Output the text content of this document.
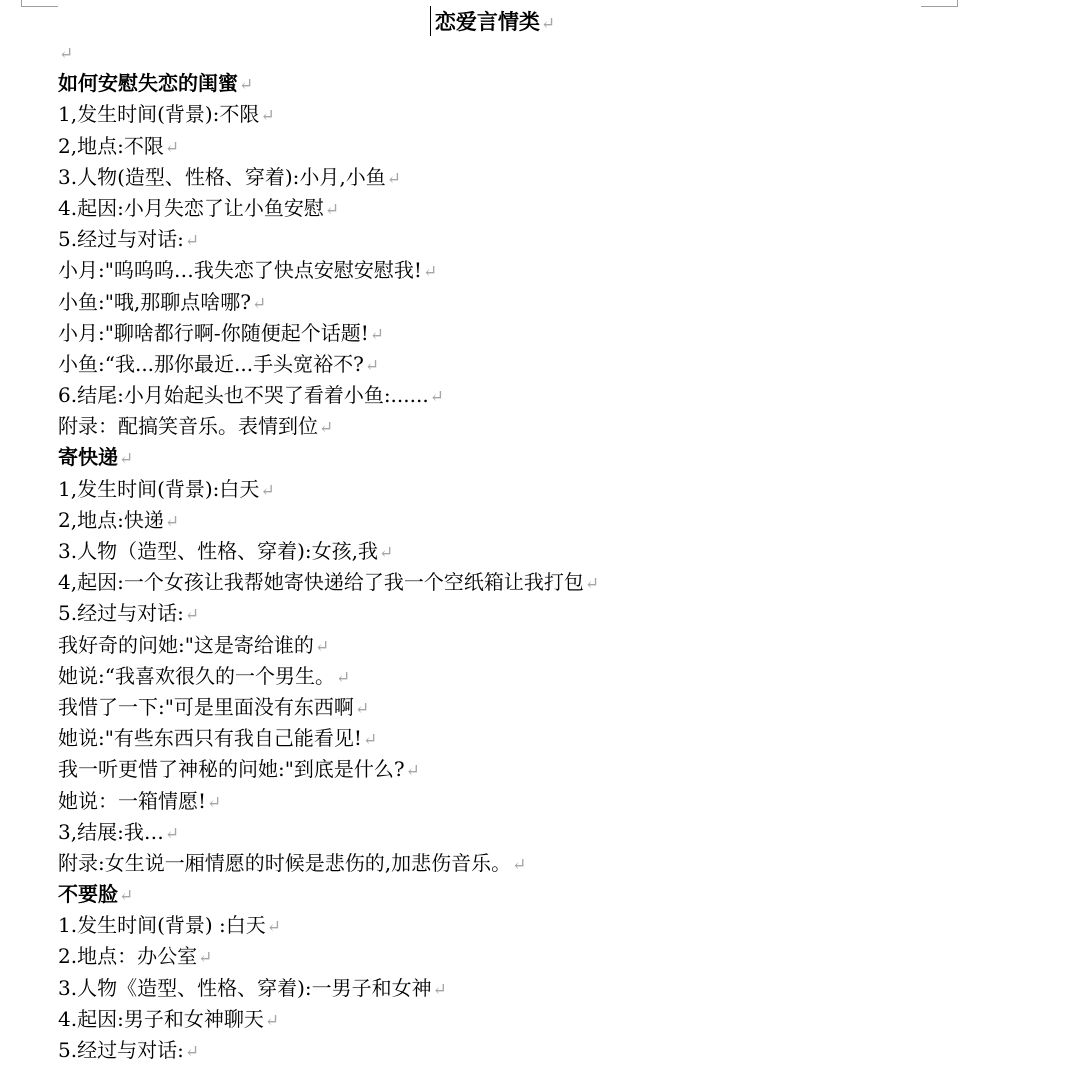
恋爱言情类↵
↵
如何安慰失恋的闺蜜↵
1,发生时间(背景):不限↵
2,地点:不限↵
3.人物(造型、性格、穿着):小月,小鱼↵
4.起因:小月失恋了让小鱼安慰↵
5.经过与对话:↵
小月:"呜呜呜…我失恋了快点安慰安慰我!↵
小鱼:"哦,那聊点啥哪?↵
小月:"聊啥都行啊-你随便起个话题!↵
小鱼:“我...那你最近...手头宽裕不?↵
6.结尾:小月始起头也不哭了看着小鱼:......↵
附录：配搞笑音乐。表情到位↵
寄快递↵
1,发生时间(背景):白天↵
2,地点:快递↵
3.人物（造型、性格、穿着):女孩,我↵
4,起因:一个女孩让我帮她寄快递给了我一个空纸箱让我打包↵
5.经过与对话:↵
我好奇的问她:"这是寄给谁的↵
她说:“我喜欢很久的一个男生。↵
我惜了一下:"可是里面没有东西啊↵
她说:"有些东西只有我自己能看见!↵
我一听更惜了神秘的问她:"到底是什么?↵
她说：一箱情愿!↵
3,结展:我…↵
附录:女生说一厢情愿的时候是悲伤的,加悲伤音乐。↵
不要脸↵
1.发生时间(背景) :白天↵
2.地点：办公室↵
3.人物《造型、性格、穿着):一男子和女神↵
4.起因:男子和女神聊天↵
5.经过与对话:↵
